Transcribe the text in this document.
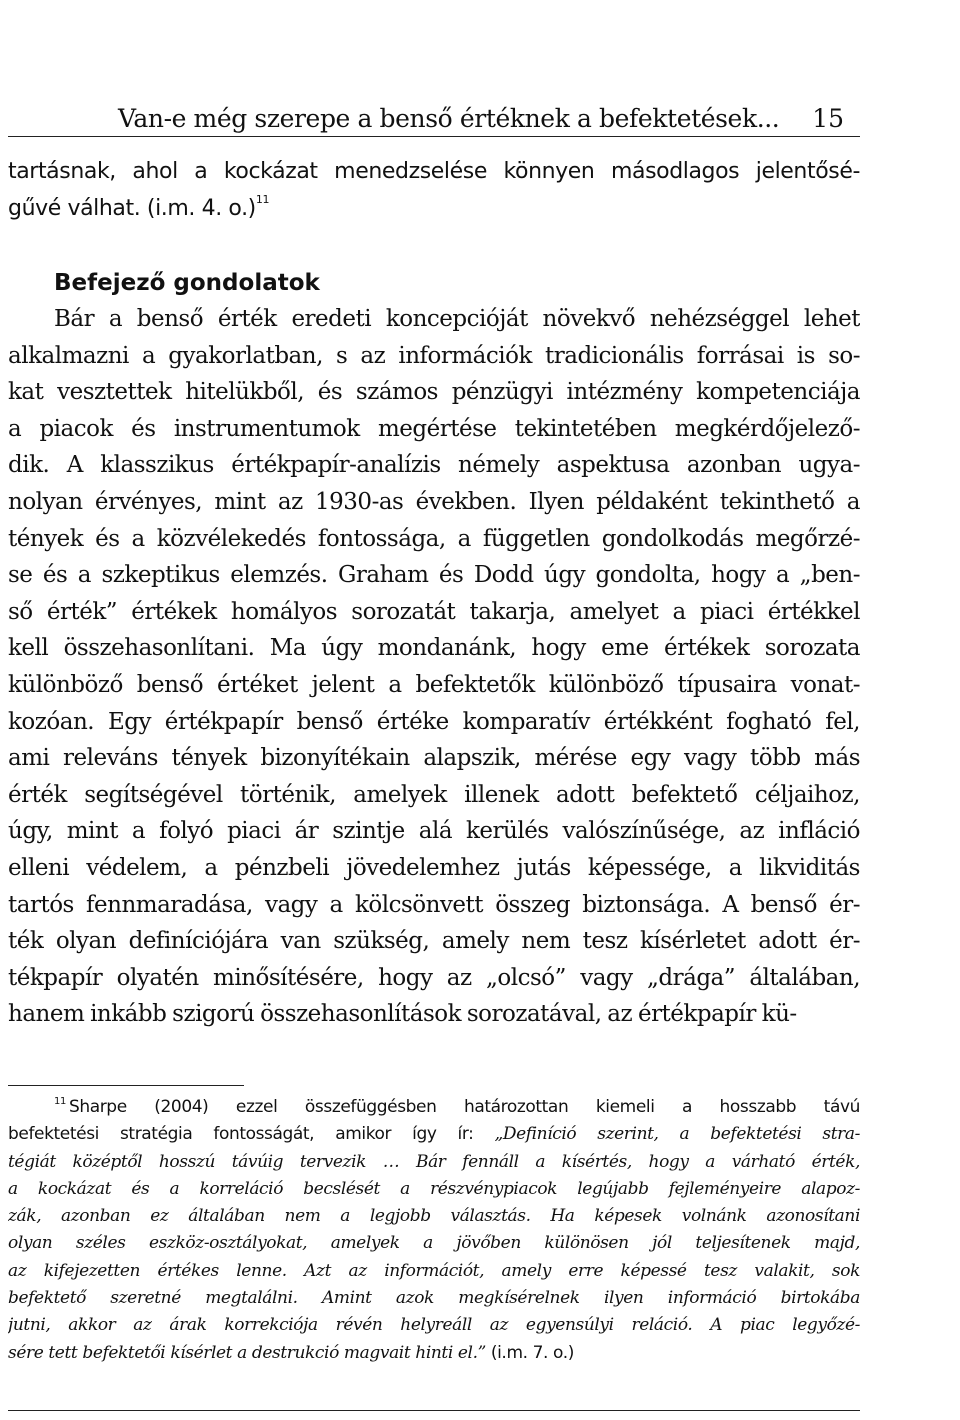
Van-e még szerepe a benső értéknek a befektetések... 15
tartásnak, ahol a kockázat menedzselése könnyen másodlagos jelentősé-
gűvé válhat. (i.m. 4. o.)$^{11}$
Befejező gondolatok
Bár a benső érték eredeti koncepcióját növekvő nehézséggel lehet
alkalmazni a gyakorlatban, s az információk tradicionális forrásai is so-
kat vesztettek hitelükből, és számos pénzügyi intézmény kompetenciája
a piacok és instrumentumok megértése tekintetében megkérdőjelező-
dik. A klasszikus értékpapír-analízis némely aspektusa azonban ugya-
nolyan érvényes, mint az 1930-as években. Ilyen példaként tekinthető a
tények és a közvélekedés fontossága, a független gondolkodás megőrzé-
se és a szkeptikus elemzés. Graham és Dodd úgy gondolta, hogy a „ben-
ső érték” értékek homályos sorozatát takarja, amelyet a piaci értékkel
kell összehasonlítani. Ma úgy mondanánk, hogy eme értékek sorozata
különböző benső értéket jelent a befektetők különböző típusaira vonat-
kozóan. Egy értékpapír benső értéke komparatív értékként fogható fel,
ami releváns tények bizonyítékain alapszik, mérése egy vagy több más
érték segítségével történik, amelyek illenek adott befektető céljaihoz,
úgy, mint a folyó piaci ár szintje alá kerülés valószínűsége, az infláció
elleni védelem, a pénzbeli jövedelemhez jutás képessége, a likviditás
tartós fennmaradása, vagy a kölcsönvett összeg biztonsága. A benső ér-
ték olyan definíciójára van szükség, amely nem tesz kísérletet adott ér-
tékpapír olyatén minősítésére, hogy az „olcsó” vagy „drága” általában,
hanem inkább szigorú összehasonlítások sorozatával, az értékpapír kü-
$^{11}$ Sharpe (2004) ezzel összefüggésben határozottan kiemeli a hosszabb távú
befektetési stratégia fontosságát, amikor így ír: „Definíció szerint, a befektetési stra-
tégiát középtől hosszú távúig tervezik … Bár fennáll a kísértés, hogy a várható érték,
a kockázat és a korreláció becslését a részvénypiacok legújabb fejleményeire alapoz-
zák, azonban ez általában nem a legjobb választás. Ha képesek volnánk azonosítani
olyan széles eszköz-osztályokat, amelyek a jövőben különösen jól teljesítenek majd,
az kifejezetten értékes lenne. Azt az információt, amely erre képessé tesz valakit, sok
befektető szeretné megtalálni. Amint azok megkísérelnek ilyen információ birtokába
jutni, akkor az árak korrekciója révén helyreáll az egyensúlyi reláció. A piac legyőzé-
sére tett befektetői kísérlet a destrukció magvait hinti el.” (i.m. 7. o.)
